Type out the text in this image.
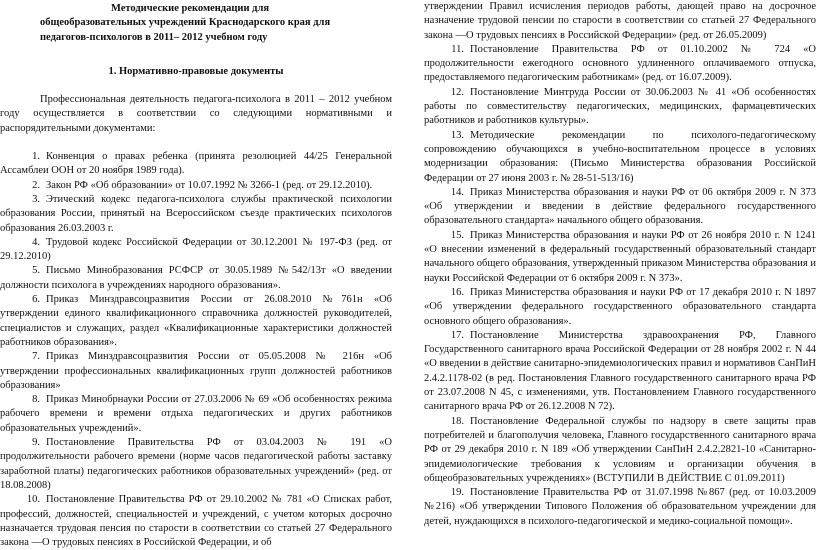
Методические рекомендации для

общеобразовательных учреждений Краснодарского края для

педагогов-психологов в 2011– 2012 учебном году

1. Нормативно-правовые документы

Профессиональная деятельность педагога-психолога в 2011 – 2012 учебном году осуществляется в соответствии со следующими нормативными и распорядительными документами:

1. Конвенция о правах ребенка (принята резолюцией 44/25 Генеральной Ассамблеи ООН от 20 ноября 1989 года).

2. Закон РФ «Об образовании» от 10.07.1992 № 3266-1 (ред. от 29.12.2010).

3. Этический кодекс педагога-психолога службы практической психологии образования России, принятый на Всероссийском съезде практических психологов образования 26.03.2003 г.

4. Трудовой кодекс Российской Федерации от 30.12.2001 № 197-ФЗ (ред. от 29.12.2010)

5. Письмо Минобразования РСФСР от 30.05.1989 №542/13т «О введении должности психолога в учреждениях народного образования».

6. Приказ Минздравсоцразвития России от 26.08.2010 №761н «Об утверждении единого квалификационного справочника должностей руководителей, специалистов и служащих, раздел «Квалификационные характеристики должностей работников образования».

7. Приказ Минздравсоцразвития России от 05.05.2008 № 216н «Об утверждении профессиональных квалификационных групп должностей работников образования»

8. Приказ Минобрнауки России от 27.03.2006 № 69 «Об особенностях режима рабочего времени и времени отдыха педагогических и других работников образовательных учреждений».

9. Постановление Правительства РФ от 03.04.2003 № 191 «О продолжительности рабочего времени (норме часов педагогической работы заставку заработной платы) педагогических работников образовательных учреждений» (ред. от 18.08.2008)

10. Постановление Правительства РФ от 29.10.2002 № 781 «О Списках работ, профессий, должностей, специальностей и учреждений, с учетом которых досрочно назначается трудовая пенсия по старости в соответствии со статьей 27 Федерального закона ―О трудовых пенсиях в Российской Федерации, и об

утверждении Правил исчисления периодов работы, дающей право на досрочное назначение трудовой пенсии по старости в соответствии со статьей 27 Федерального закона ―О трудовых пенсиях в Российской Федерации» (ред. от 26.05.2009)

11. Постановление Правительства РФ от 01.10.2002 № 724 «О продолжительности ежегодного основного удлиненного оплачиваемого отпуска, предоставляемого педагогическим работникам» (ред. от 16.07.2009).

12. Постановление Минтруда России от 30.06.2003 № 41 «Об особенностях работы по совместительству педагогических, медицинских, фармацевтических работников и работников культуры».

13. Методические рекомендации по психолого-педагогическому сопровождению обучающихся в учебно-воспитательном процессе в условиях модернизации образования: (Письмо Министерства образования Российской Федерации от 27 июня 2003 г. № 28-51-513/16)

14. Приказ Министерства образования и науки РФ от 06 октября 2009 г. N 373 «Об утверждении и введении в действие федерального государственного образовательного стандарта» начального общего образования.

15. Приказ Министерства образования и науки РФ от 26 ноября 2010 г. N 1241 «О внесении изменений в федеральный государственный образовательный стандарт начального общего образования, утвержденный приказом Министерства образования и науки Российской Федерации от 6 октября 2009 г. N 373».

16. Приказ Министерства образования и науки РФ от 17 декабря 2010 г. N 1897 «Об утверждении федерального государственного образовательного стандарта основного общего образования».

17. Постановление Министерства здравоохранения РФ, Главного Государственного санитарного врача Российской Федерации от 28 ноября 2002 г. N 44 «О введении в действие санитарно-эпидемиологических правил и нормативов СанПиН 2.4.2.1178-02 (в ред. Постановления Главного государственного санитарного врача РФ от 23.07.2008 N 45, с изменениями, утв. Постановлением Главного государственного санитарного врача РФ от 26.12.2008 N 72).

18. Постановление Федеральной службы по надзору в свете защиты прав потребителей и благополучия человека, Главного государственного санитарного врача РФ от 29 декабря 2010 г. N 189 «Об утверждении СанПиН 2.4.2.2821-10 «Санитарно-эпидемиологические требования к условиям и организации обучения в общеобразовательных учреждениях» (ВСТУПИЛИ В ДЕЙСТВИЕ С 01.09.2011)

19. Постановление Правительства РФ от 31.07.1998 №867 (ред. от 10.03.2009 №216) «Об утверждении Типового Положения об образовательном учреждении для детей, нуждающихся в психолого-педагогической и медико-социальной помощи».
